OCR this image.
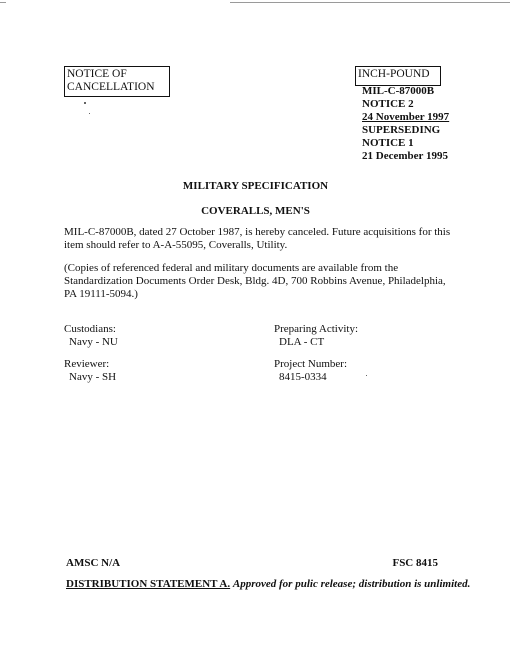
NOTICE OF
CANCELLATION
INCH-POUND
MIL-C-87000B
NOTICE 2
24 November 1997
SUPERSEDING
NOTICE 1
21 December 1995
MILITARY SPECIFICATION
COVERALLS, MEN'S
MIL-C-87000B, dated 27 October 1987, is hereby canceled. Future acquisitions for this item should refer to A-A-55095, Coveralls, Utility.
(Copies of referenced federal and military documents are available from the Standardization Documents Order Desk, Bldg. 4D, 700 Robbins Avenue, Philadelphia, PA 19111-5094.)
Custodians:
Navy - NU
Reviewer:
Navy - SH
Preparing Activity:
DLA - CT
Project Number:
8415-0334
AMSC N/A	FSC 8415
DISTRIBUTION STATEMENT A. Approved for pulic release; distribution is unlimited.
